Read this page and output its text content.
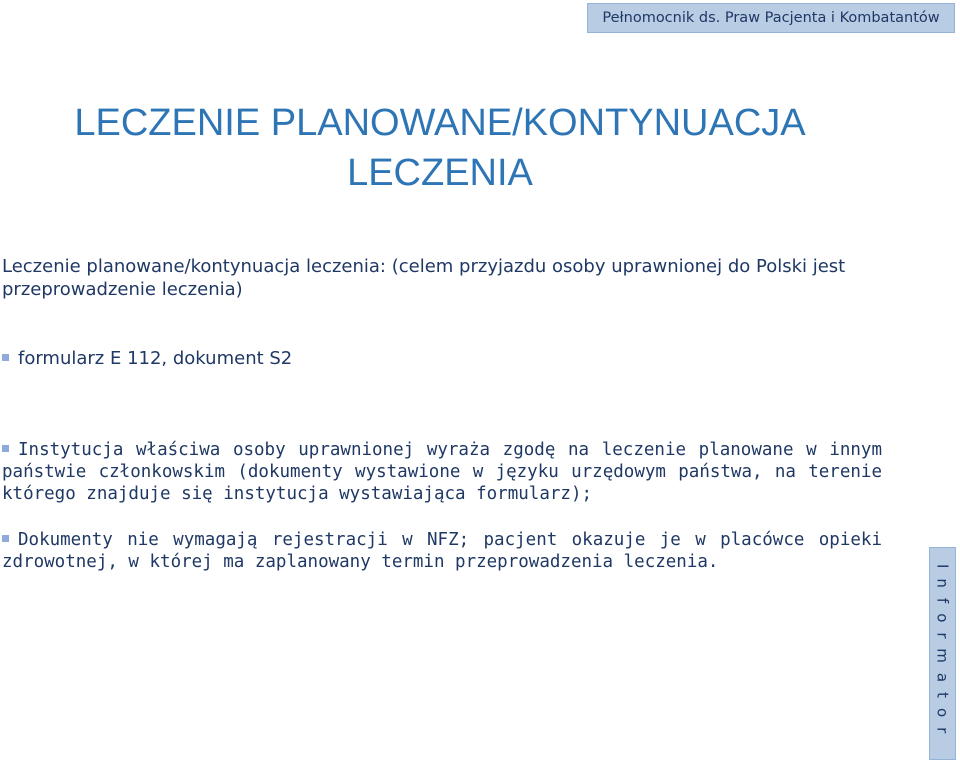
Pełnomocnik ds. Praw Pacjenta i Kombatantów
LECZENIE PLANOWANE/KONTYNUACJA
LECZENIA

Leczenie planowane/kontynuacja leczenia: (celem przyjazdu osoby uprawnionej do Polski jest przeprowadzenie leczenia)

formularz E 112, dokument S2

Instytucja właściwa osoby uprawnionej wyraża zgodę na leczenie planowane w innym państwie członkowskim (dokumenty wystawione w języku urzędowym państwa, na terenie którego znajduje się instytucja wystawiająca formularz);

Dokumenty nie wymagają rejestracji w NFZ; pacjent okazuje je w placówce opieki zdrowotnej, w której ma zaplanowany termin przeprowadzenia leczenia.

Informator
